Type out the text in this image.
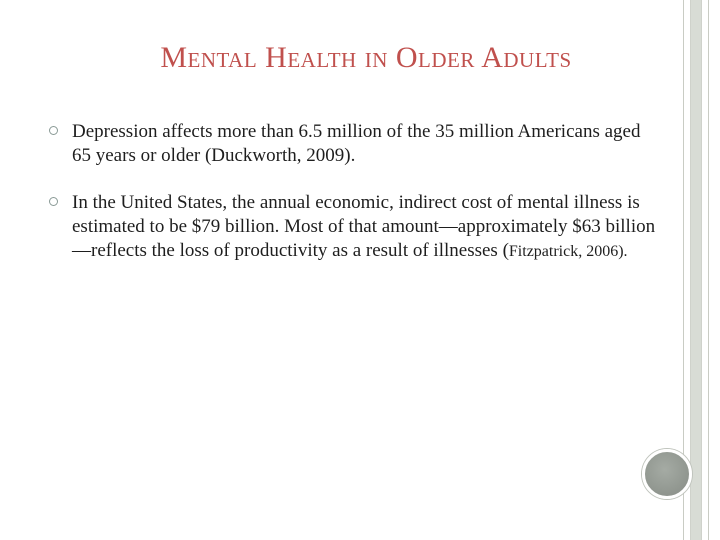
Mental Health in Older Adults
Depression affects more than 6.5 million of the 35 million Americans aged 65 years or older (Duckworth, 2009).
In the United States, the annual economic, indirect cost of mental illness is estimated to be $79 billion. Most of that amount—approximately $63 billion—reflects the loss of productivity as a result of illnesses (Fitzpatrick, 2006).
